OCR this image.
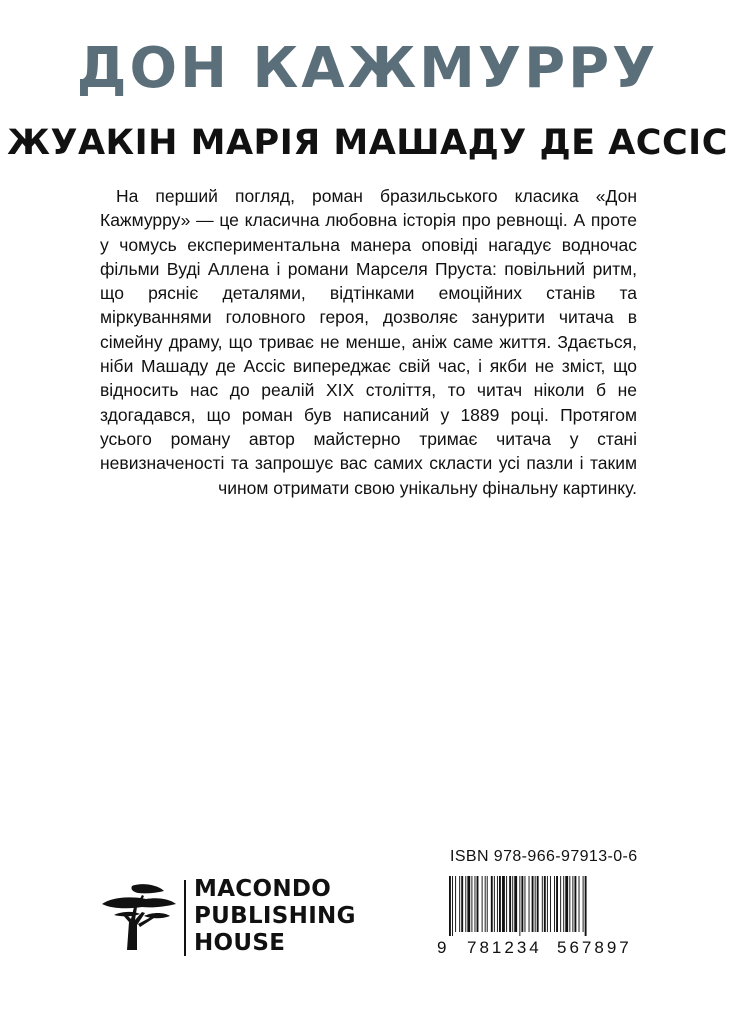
ДОН КАЖМУРРУ
ЖУАКІН МАРІЯ МАШАДУ ДЕ АССІС
На перший погляд, роман бразильського класика «Дон Кажмурру» — це класична любовна історія про ревнощі. А проте у чомусь експериментальна манера оповіді нагадує водночас фільми Вуді Аллена і романи Марселя Пруста: повільний ритм, що рясніє деталями, відтінками емоційних станів та міркуваннями головного героя, дозволяє занурити читача в сімейну драму, що триває не менше, аніж саме життя. Здається, ніби Машаду де Ассіс випереджає свій час, і якби не зміст, що відносить нас до реалій XIX століття, то читач ніколи б не здогадався, що роман був написаний у 1889 році. Протягом усього роману автор майстерно тримає читача у стані невизначеності та запрошує вас самих скласти усі пазли і таким чином отримати свою унікальну фінальну картинку.
ISBN 978-966-97913-0-6
9 781234 567897
MACONDO
PUBLISHING
HOUSE
